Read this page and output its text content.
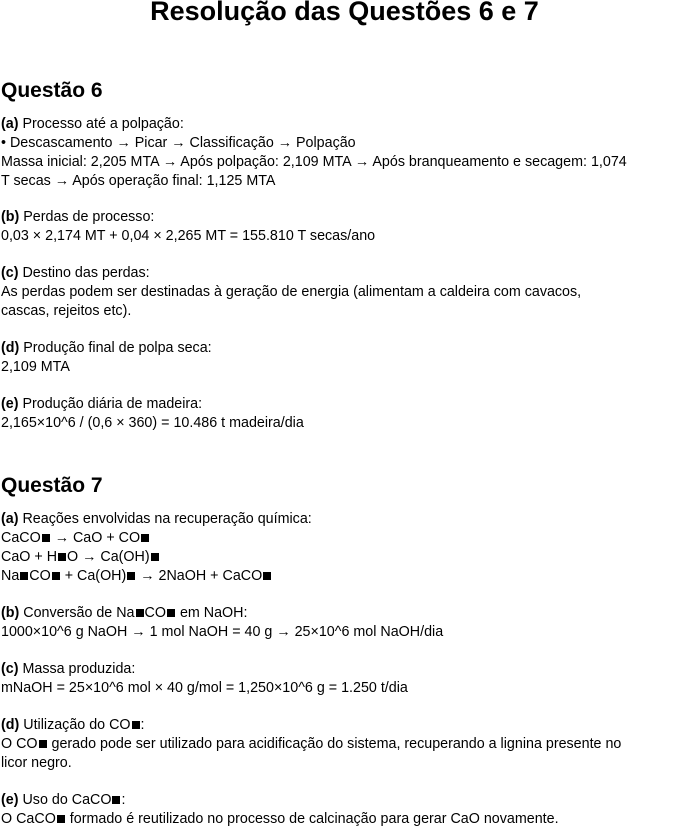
Resolução das Questões 6 e 7
Questão 6
(a) Processo até a polpação:
• Descascamento → Picar → Classificação → Polpação
Massa inicial: 2,205 MTA → Após polpação: 2,109 MTA → Após branqueamento e secagem: 1,074
T secas → Após operação final: 1,125 MTA
(b) Perdas de processo:
0,03 × 2,174 MT + 0,04 × 2,265 MT = 155.810 T secas/ano
(c) Destino das perdas:
As perdas podem ser destinadas à geração de energia (alimentam a caldeira com cavacos,
cascas, rejeitos etc).
(d) Produção final de polpa seca:
2,109 MTA
(e) Produção diária de madeira:
2,165×10^6 / (0,6 × 360) = 10.486 t madeira/dia
Questão 7
(a) Reações envolvidas na recuperação química:
CaCO → CaO + CO
CaO + H O → Ca(OH)
Na CO + Ca(OH) → 2NaOH + CaCO
(b) Conversão de Na CO em NaOH:
1000×10^6 g NaOH → 1 mol NaOH = 40 g → 25×10^6 mol NaOH/dia
(c) Massa produzida:
mNaOH = 25×10^6 mol × 40 g/mol = 1,250×10^6 g = 1.250 t/dia
(d) Utilização do CO :
O CO gerado pode ser utilizado para acidificação do sistema, recuperando a lignina presente no
licor negro.
(e) Uso do CaCO :
O CaCO formado é reutilizado no processo de calcinação para gerar CaO novamente.
